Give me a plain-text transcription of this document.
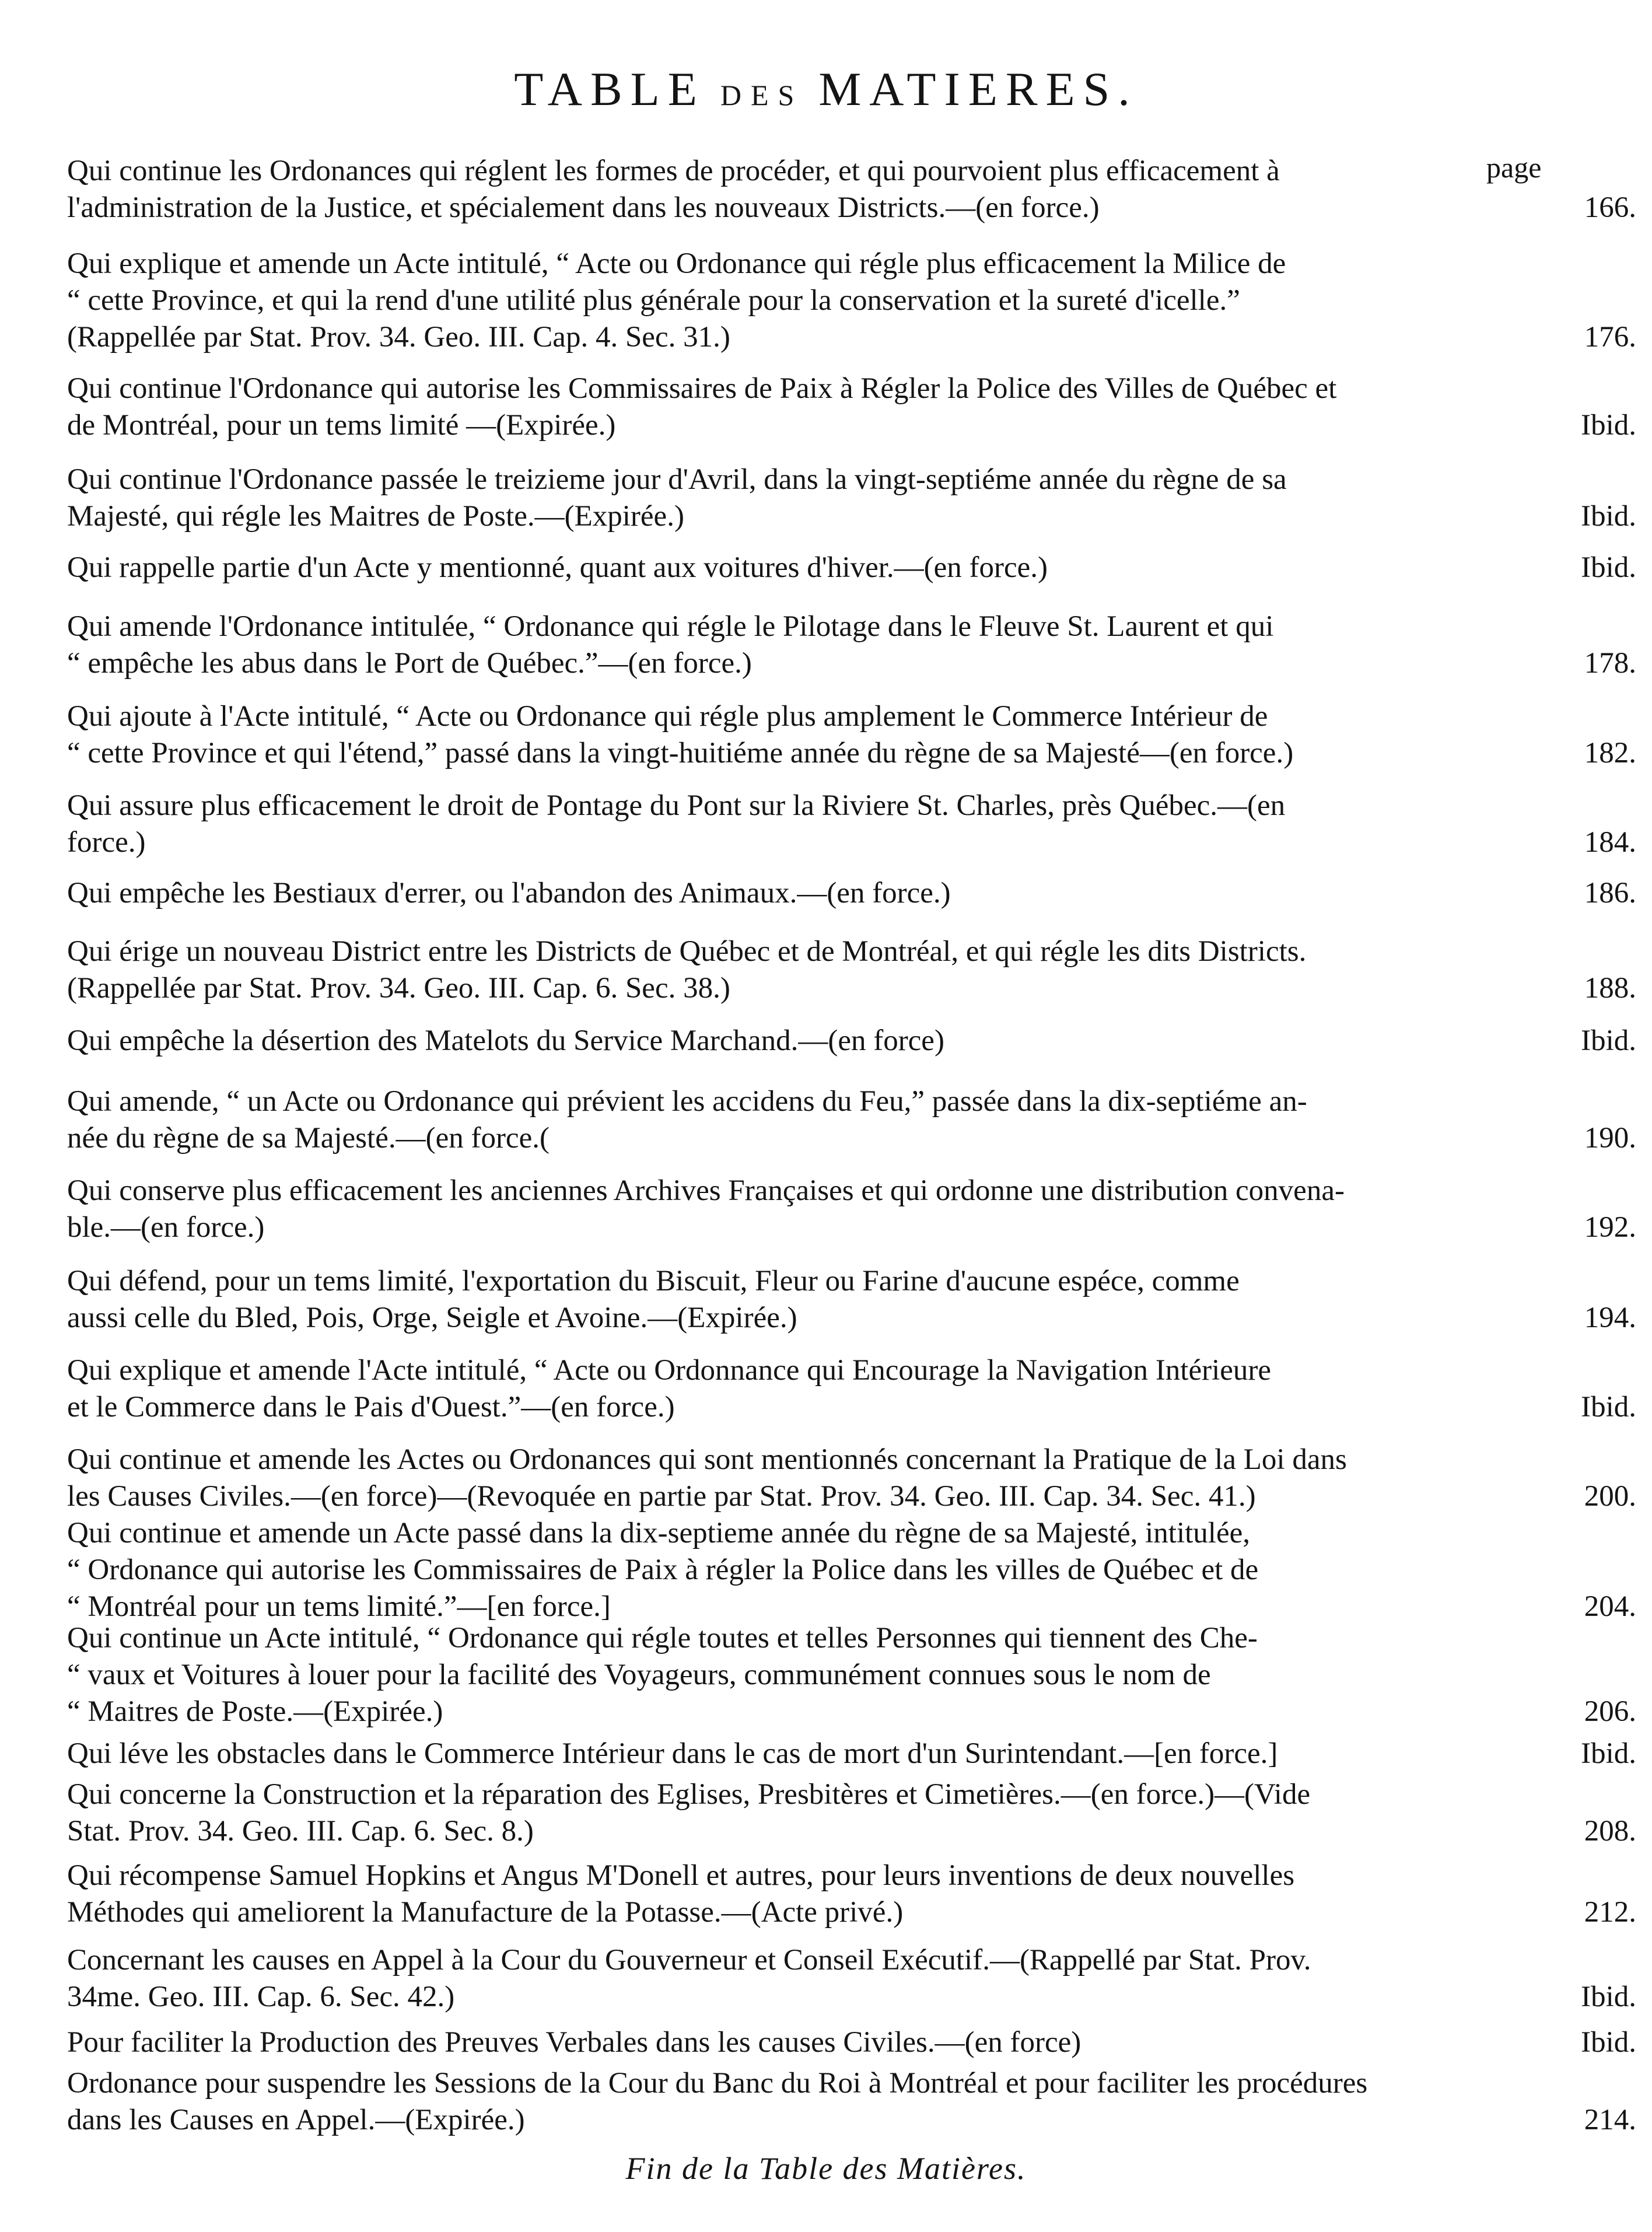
TABLE DES MATIERES.
page
Qui continue les Ordonances qui réglent les formes de procéder, et qui pourvoient plus efficacement à
l'administration de la Justice, et spécialement dans les nouveaux Districts.—(en force.)	166.
Qui explique et amende un Acte intitulé, “ Acte ou Ordonance qui régle plus efficacement la Milice de
“ cette Province, et qui la rend d'une utilité plus générale pour la conservation et la sureté d'icelle.”
(Rappellée par Stat. Prov. 34. Geo. III. Cap. 4. Sec. 31.)	176.
Qui continue l'Ordonance qui autorise les Commissaires de Paix à Régler la Police des Villes de Québec et
de Montréal, pour un tems limité —(Expirée.)	Ibid.
Qui continue l'Ordonance passée le treizieme jour d'Avril, dans la vingt-septiéme année du règne de sa
Majesté, qui régle les Maitres de Poste.—(Expirée.)	Ibid.
Qui rappelle partie d'un Acte y mentionné, quant aux voitures d'hiver.—(en force.)	Ibid.
Qui amende l'Ordonance intitulée, “ Ordonance qui régle le Pilotage dans le Fleuve St. Laurent et qui
“ empêche les abus dans le Port de Québec.”—(en force.)	178.
Qui ajoute à l'Acte intitulé, “ Acte ou Ordonance qui régle plus amplement le Commerce Intérieur de
“ cette Province et qui l'étend,” passé dans la vingt-huitiéme année du règne de sa Majesté—(en force.)	182.
Qui assure plus efficacement le droit de Pontage du Pont sur la Riviere St. Charles, près Québec.—(en
force.)	184.
Qui empêche les Bestiaux d'errer, ou l'abandon des Animaux.—(en force.)	186.
Qui érige un nouveau District entre les Districts de Québec et de Montréal, et qui régle les dits Districts.
(Rappellée par Stat. Prov. 34. Geo. III. Cap. 6. Sec. 38.)	188.
Qui empêche la désertion des Matelots du Service Marchand.—(en force)	Ibid.
Qui amende, “ un Acte ou Ordonance qui prévient les accidens du Feu,” passée dans la dix-septiéme an-
née du règne de sa Majesté.—(en force.(	190.
Qui conserve plus efficacement les anciennes Archives Françaises et qui ordonne une distribution convena-
ble.—(en force.)	192.
Qui défend, pour un tems limité, l'exportation du Biscuit, Fleur ou Farine d'aucune espéce, comme
aussi celle du Bled, Pois, Orge, Seigle et Avoine.—(Expirée.)	194.
Qui explique et amende l'Acte intitulé, “ Acte ou Ordonnance qui Encourage la Navigation Intérieure
et le Commerce dans le Pais d'Ouest.”—(en force.)	Ibid.
Qui continue et amende les Actes ou Ordonances qui sont mentionnés concernant la Pratique de la Loi dans
les Causes Civiles.—(en force)—(Revoquée en partie par Stat. Prov. 34. Geo. III. Cap. 34. Sec. 41.)	200.
Qui continue et amende un Acte passé dans la dix-septieme année du règne de sa Majesté, intitulée,
“ Ordonance qui autorise les Commissaires de Paix à régler la Police dans les villes de Québec et de
“ Montréal pour un tems limité.”—[en force.]	204.
Qui continue un Acte intitulé, “ Ordonance qui régle toutes et telles Personnes qui tiennent des Che-
“ vaux et Voitures à louer pour la facilité des Voyageurs, communément connues sous le nom de
“ Maitres de Poste.—(Expirée.)	206.
Qui léve les obstacles dans le Commerce Intérieur dans le cas de mort d'un Surintendant.—[en force.]	Ibid.
Qui concerne la Construction et la réparation des Eglises, Presbitères et Cimetières.—(en force.)—(Vide
Stat. Prov. 34. Geo. III. Cap. 6. Sec. 8.)	208.
Qui récompense Samuel Hopkins et Angus M'Donell et autres, pour leurs inventions de deux nouvelles
Méthodes qui ameliorent la Manufacture de la Potasse.—(Acte privé.)	212.
Concernant les causes en Appel à la Cour du Gouverneur et Conseil Exécutif.—(Rappellé par Stat. Prov.
34me. Geo. III. Cap. 6. Sec. 42.)	Ibid.
Pour faciliter la Production des Preuves Verbales dans les causes Civiles.—(en force)	Ibid.
Ordonance pour suspendre les Sessions de la Cour du Banc du Roi à Montréal et pour faciliter les procédures
dans les Causes en Appel.—(Expirée.)	214.
Fin de la Table des Matières.
